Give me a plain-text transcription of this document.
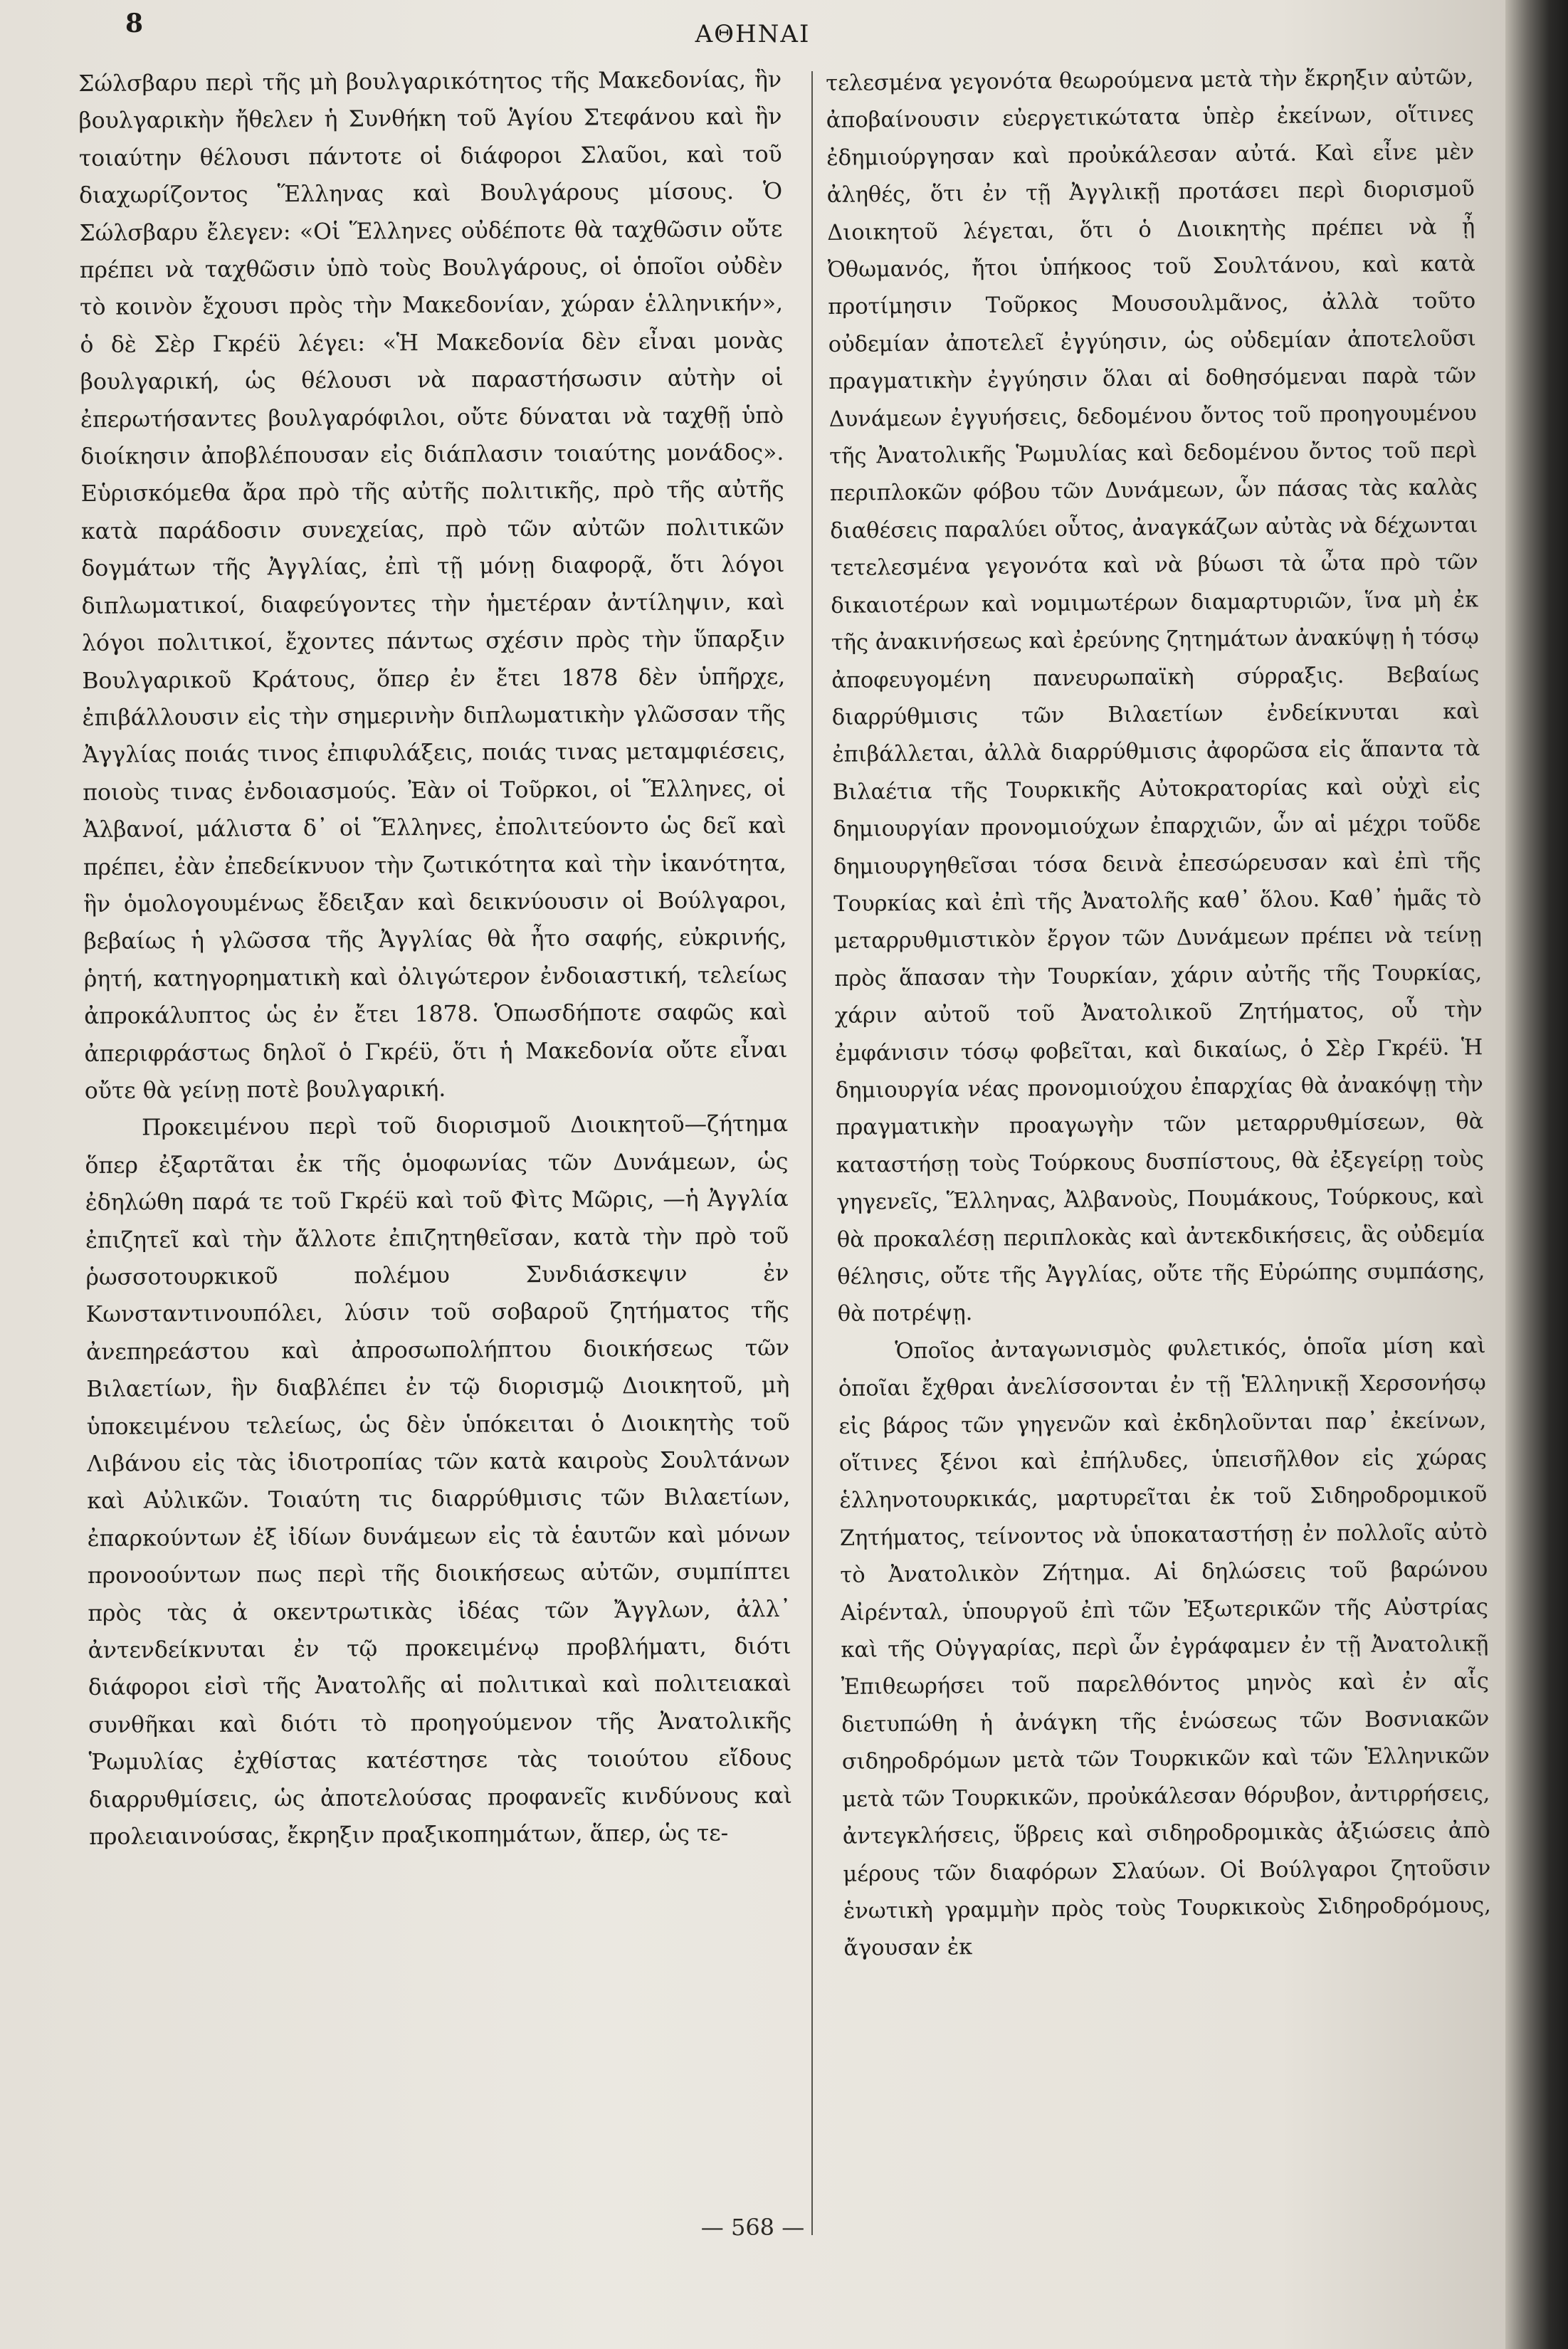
8	ΑΘΗΝΑΙ

Σώλσβαρυ περὶ τῆς μὴ βουλγαρικότητος τῆς Μακεδονίας, ἣν βουλγαρικὴν ἤθελεν ἡ Συνθήκη τοῦ Ἁγίου Στεφάνου καὶ ἣν τοιαύτην θέλουσι πάντοτε οἱ διάφοροι Σλαῦοι, καὶ τοῦ διαχωρίζοντος Ἕλληνας καὶ Βουλγάρους μίσους. Ὁ Σώλσβαρυ ἔλεγεν: «Οἱ Ἕλληνες οὐδέποτε θὰ ταχθῶσιν οὔτε πρέπει νὰ ταχθῶσιν ὑπὸ τοὺς Βουλγάρους, οἱ ὁποῖοι οὐδὲν τὸ κοινὸν ἔχουσι πρὸς τὴν Μακεδονίαν, χώραν ἑλληνικήν», ὁ δὲ Σὲρ Γκρέϋ λέγει: «Ἡ Μακεδονία δὲν εἶναι μονὰς βουλγαρική, ὡς θέλουσι νὰ παραστήσωσιν αὐτὴν οἱ ἐπερωτήσαντες βουλγαρόφιλοι, οὔτε δύναται νὰ ταχθῇ ὑπὸ διοίκησιν ἀποβλέπουσαν εἰς διάπλασιν τοιαύτης μονάδος». Εὑρισκόμεθα ἄρα πρὸ τῆς αὐτῆς πολιτικῆς, πρὸ τῆς αὐτῆς κατὰ παράδοσιν συνεχείας, πρὸ τῶν αὐτῶν πολιτικῶν δογμάτων τῆς Ἀγγλίας, ἐπὶ τῇ μόνῃ διαφορᾷ, ὅτι λόγοι διπλωματικοί, διαφεύγοντες τὴν ἡμετέραν ἀντίληψιν, καὶ λόγοι πολιτικοί, ἔχοντες πάντως σχέσιν πρὸς τὴν ὕπαρξιν Βουλγαρικοῦ Κράτους, ὅπερ ἐν ἔτει 1878 δὲν ὑπῆρχε, ἐπιβάλλουσιν εἰς τὴν σημερινὴν διπλωματικὴν γλῶσσαν τῆς Ἀγγλίας ποιάς τινος ἐπιφυλάξεις, ποιάς τινας μεταμφιέσεις, ποιοὺς τινας ἐνδοιασμούς. Ἐὰν οἱ Τοῦρκοι, οἱ Ἕλληνες, οἱ Ἀλβανοί, μάλιστα δ᾽ οἱ Ἕλληνες, ἐπολιτεύοντο ὡς δεῖ καὶ πρέπει, ἐὰν ἐπεδείκνυον τὴν ζωτικότητα καὶ τὴν ἱκανότητα, ἣν ὁμολογουμένως ἔδειξαν καὶ δεικνύουσιν οἱ Βούλγαροι, βεβαίως ἡ γλῶσσα τῆς Ἀγγλίας θὰ ἦτο σαφής, εὐκρινής, ῥητή, κατηγορηματικὴ καὶ ὀλιγώτερον ἐνδοιαστική, τελείως ἀπροκάλυπτος ὡς ἐν ἔτει 1878. Ὁπωσδήποτε σαφῶς καὶ ἀπεριφράστως δηλοῖ ὁ Γκρέϋ, ὅτι ἡ Μακεδονία οὔτε εἶναι οὔτε θὰ γείνῃ ποτὲ βουλγαρική.

Προκειμένου περὶ τοῦ διορισμοῦ Διοικητοῦ—ζήτημα ὅπερ ἐξαρτᾶται ἐκ τῆς ὁμοφωνίας τῶν Δυνάμεων, ὡς ἐδηλώθη παρά τε τοῦ Γκρέϋ καὶ τοῦ Φὶτς Μῶρις, —ἡ Ἀγγλία ἐπιζητεῖ καὶ τὴν ἄλλοτε ἐπιζητηθεῖσαν, κατὰ τὴν πρὸ τοῦ ῥωσσοτουρκικοῦ πολέμου Συνδιάσκεψιν ἐν Κωνσταντινουπόλει, λύσιν τοῦ σοβαροῦ ζητήματος τῆς ἀνεπηρεάστου καὶ ἀπροσωπολήπτου διοικήσεως τῶν Βιλαετίων, ἣν διαβλέπει ἐν τῷ διορισμῷ Διοικητοῦ, μὴ ὑποκειμένου τελείως, ὡς δὲν ὑπόκειται ὁ Διοικητὴς τοῦ Λιβάνου εἰς τὰς ἰδιοτροπίας τῶν κατὰ καιροὺς Σουλτάνων καὶ Αὐλικῶν. Τοιαύτη τις διαρρύθμισις τῶν Βιλαετίων, ἐπαρκούντων ἐξ ἰδίων δυνάμεων εἰς τὰ ἑαυτῶν καὶ μόνων προνοούντων πως περὶ τῆς διοικήσεως αὐτῶν, συμπίπτει πρὸς τὰς ἀ οκεντρωτικὰς ἰδέας τῶν Ἄγγλων, ἀλλ᾽ ἀντενδείκνυται ἐν τῷ προκειμένῳ προβλήματι, διότι διάφοροι εἰσὶ τῆς Ἀνατολῆς αἱ πολιτικαὶ καὶ πολιτειακαὶ συνθῆκαι καὶ διότι τὸ προηγούμενον τῆς Ἀνατολικῆς Ῥωμυλίας ἐχθίστας κατέστησε τὰς τοιούτου εἴδους διαρρυθμίσεις, ὡς ἀποτελούσας προφανεῖς κινδύνους καὶ προλειαινούσας, ἔκρηξιν πραξικοπημάτων, ἅπερ, ὡς τε-

τελεσμένα γεγονότα θεωρούμενα μετὰ τὴν ἔκρηξιν αὐτῶν, ἀποβαίνουσιν εὐεργετικώτατα ὑπὲρ ἐκείνων, οἵτινες ἐδημιούργησαν καὶ προὐκάλεσαν αὐτά. Καὶ εἶνε μὲν ἀληθές, ὅτι ἐν τῇ Ἀγγλικῇ προτάσει περὶ διορισμοῦ Διοικητοῦ λέγεται, ὅτι ὁ Διοικητὴς πρέπει νὰ ᾖ Ὀθωμανός, ἤτοι ὑπήκοος τοῦ Σουλτάνου, καὶ κατὰ προτίμησιν Τοῦρκος Μουσουλμᾶνος, ἀλλὰ τοῦτο οὐδεμίαν ἀποτελεῖ ἐγγύησιν, ὡς οὐδεμίαν ἀποτελοῦσι πραγματικὴν ἐγγύησιν ὅλαι αἱ δοθησόμεναι παρὰ τῶν Δυνάμεων ἐγγυήσεις, δεδομένου ὄντος τοῦ προηγουμένου τῆς Ἀνατολικῆς Ῥωμυλίας καὶ δεδομένου ὄντος τοῦ περὶ περιπλοκῶν φόβου τῶν Δυνάμεων, ὧν πάσας τὰς καλὰς διαθέσεις παραλύει οὗτος, ἀναγκάζων αὐτὰς νὰ δέχωνται τετελεσμένα γεγονότα καὶ νὰ βύωσι τὰ ὦτα πρὸ τῶν δικαιοτέρων καὶ νομιμωτέρων διαμαρτυριῶν, ἵνα μὴ ἐκ τῆς ἀνακινήσεως καὶ ἐρεύνης ζητημάτων ἀνακύψῃ ἡ τόσῳ ἀποφευγομένη πανευρωπαϊκὴ σύρραξις. Βεβαίως διαρρύθμισις τῶν Βιλαετίων ἐνδείκνυται καὶ ἐπιβάλλεται, ἀλλὰ διαρρύθμισις ἀφορῶσα εἰς ἅπαντα τὰ Βιλαέτια τῆς Τουρκικῆς Αὐτοκρατορίας καὶ οὐχὶ εἰς δημιουργίαν προνομιούχων ἐπαρχιῶν, ὧν αἱ μέχρι τοῦδε δημιουργηθεῖσαι τόσα δεινὰ ἐπεσώρευσαν καὶ ἐπὶ τῆς Τουρκίας καὶ ἐπὶ τῆς Ἀνατολῆς καθ᾽ ὅλου. Καθ᾽ ἡμᾶς τὸ μεταρρυθμιστικὸν ἔργον τῶν Δυνάμεων πρέπει νὰ τείνῃ πρὸς ἅπασαν τὴν Τουρκίαν, χάριν αὐτῆς τῆς Τουρκίας, χάριν αὐτοῦ τοῦ Ἀνατολικοῦ Ζητήματος, οὗ τὴν ἐμφάνισιν τόσῳ φοβεῖται, καὶ δικαίως, ὁ Σὲρ Γκρέϋ. Ἡ δημιουργία νέας προνομιούχου ἐπαρχίας θὰ ἀνακόψῃ τὴν πραγματικὴν προαγωγὴν τῶν μεταρρυθμίσεων, θὰ καταστήσῃ τοὺς Τούρκους δυσπίστους, θὰ ἐξεγείρῃ τοὺς γηγενεῖς, Ἕλληνας, Ἀλβανοὺς, Πουμάκους, Τούρκους, καὶ θὰ προκαλέσῃ περιπλοκὰς καὶ ἀντεκδικήσεις, ἃς οὐδεμία θέλησις, οὔτε τῆς Ἀγγλίας, οὔτε τῆς Εὐρώπης συμπάσης, θὰ ποτρέψῃ.

Ὁποῖος ἀνταγωνισμὸς φυλετικός, ὁποῖα μίση καὶ ὁποῖαι ἔχθραι ἀνελίσσονται ἐν τῇ Ἑλληνικῇ Χερσονήσῳ εἰς βάρος τῶν γηγενῶν καὶ ἐκδηλοῦνται παρ᾽ ἐκείνων, οἵτινες ξένοι καὶ ἐπήλυδες, ὑπεισῆλθον εἰς χώρας ἑλληνοτουρκικάς, μαρτυρεῖται ἐκ τοῦ Σιδηροδρομικοῦ Ζητήματος, τείνοντος νὰ ὑποκαταστήσῃ ἐν πολλοῖς αὐτὸ τὸ Ἀνατολικὸν Ζήτημα. Αἱ δηλώσεις τοῦ βαρώνου Αἰρένταλ, ὑπουργοῦ ἐπὶ τῶν Ἐξωτερικῶν τῆς Αὐστρίας καὶ τῆς Οὐγγαρίας, περὶ ὧν ἐγράφαμεν ἐν τῇ Ἀνατολικῇ Ἐπιθεωρήσει τοῦ παρελθόντος μηνὸς καὶ ἐν αἷς διετυπώθη ἡ ἀνάγκη τῆς ἑνώσεως τῶν Βοσνιακῶν σιδηροδρόμων μετὰ τῶν Τουρκικῶν καὶ τῶν Ἑλληνικῶν μετὰ τῶν Τουρκικῶν, προὐκάλεσαν θόρυβον, ἀντιρρήσεις, ἀντεγκλήσεις, ὕβρεις καὶ σιδηροδρομικὰς ἀξιώσεις ἀπὸ μέρους τῶν διαφόρων Σλαύων. Οἱ Βούλγαροι ζητοῦσιν ἑνωτικὴ γραμμὴν πρὸς τοὺς Τουρκικοὺς Σιδηροδρόμους, ἄγουσαν ἐκ

— 568 —
